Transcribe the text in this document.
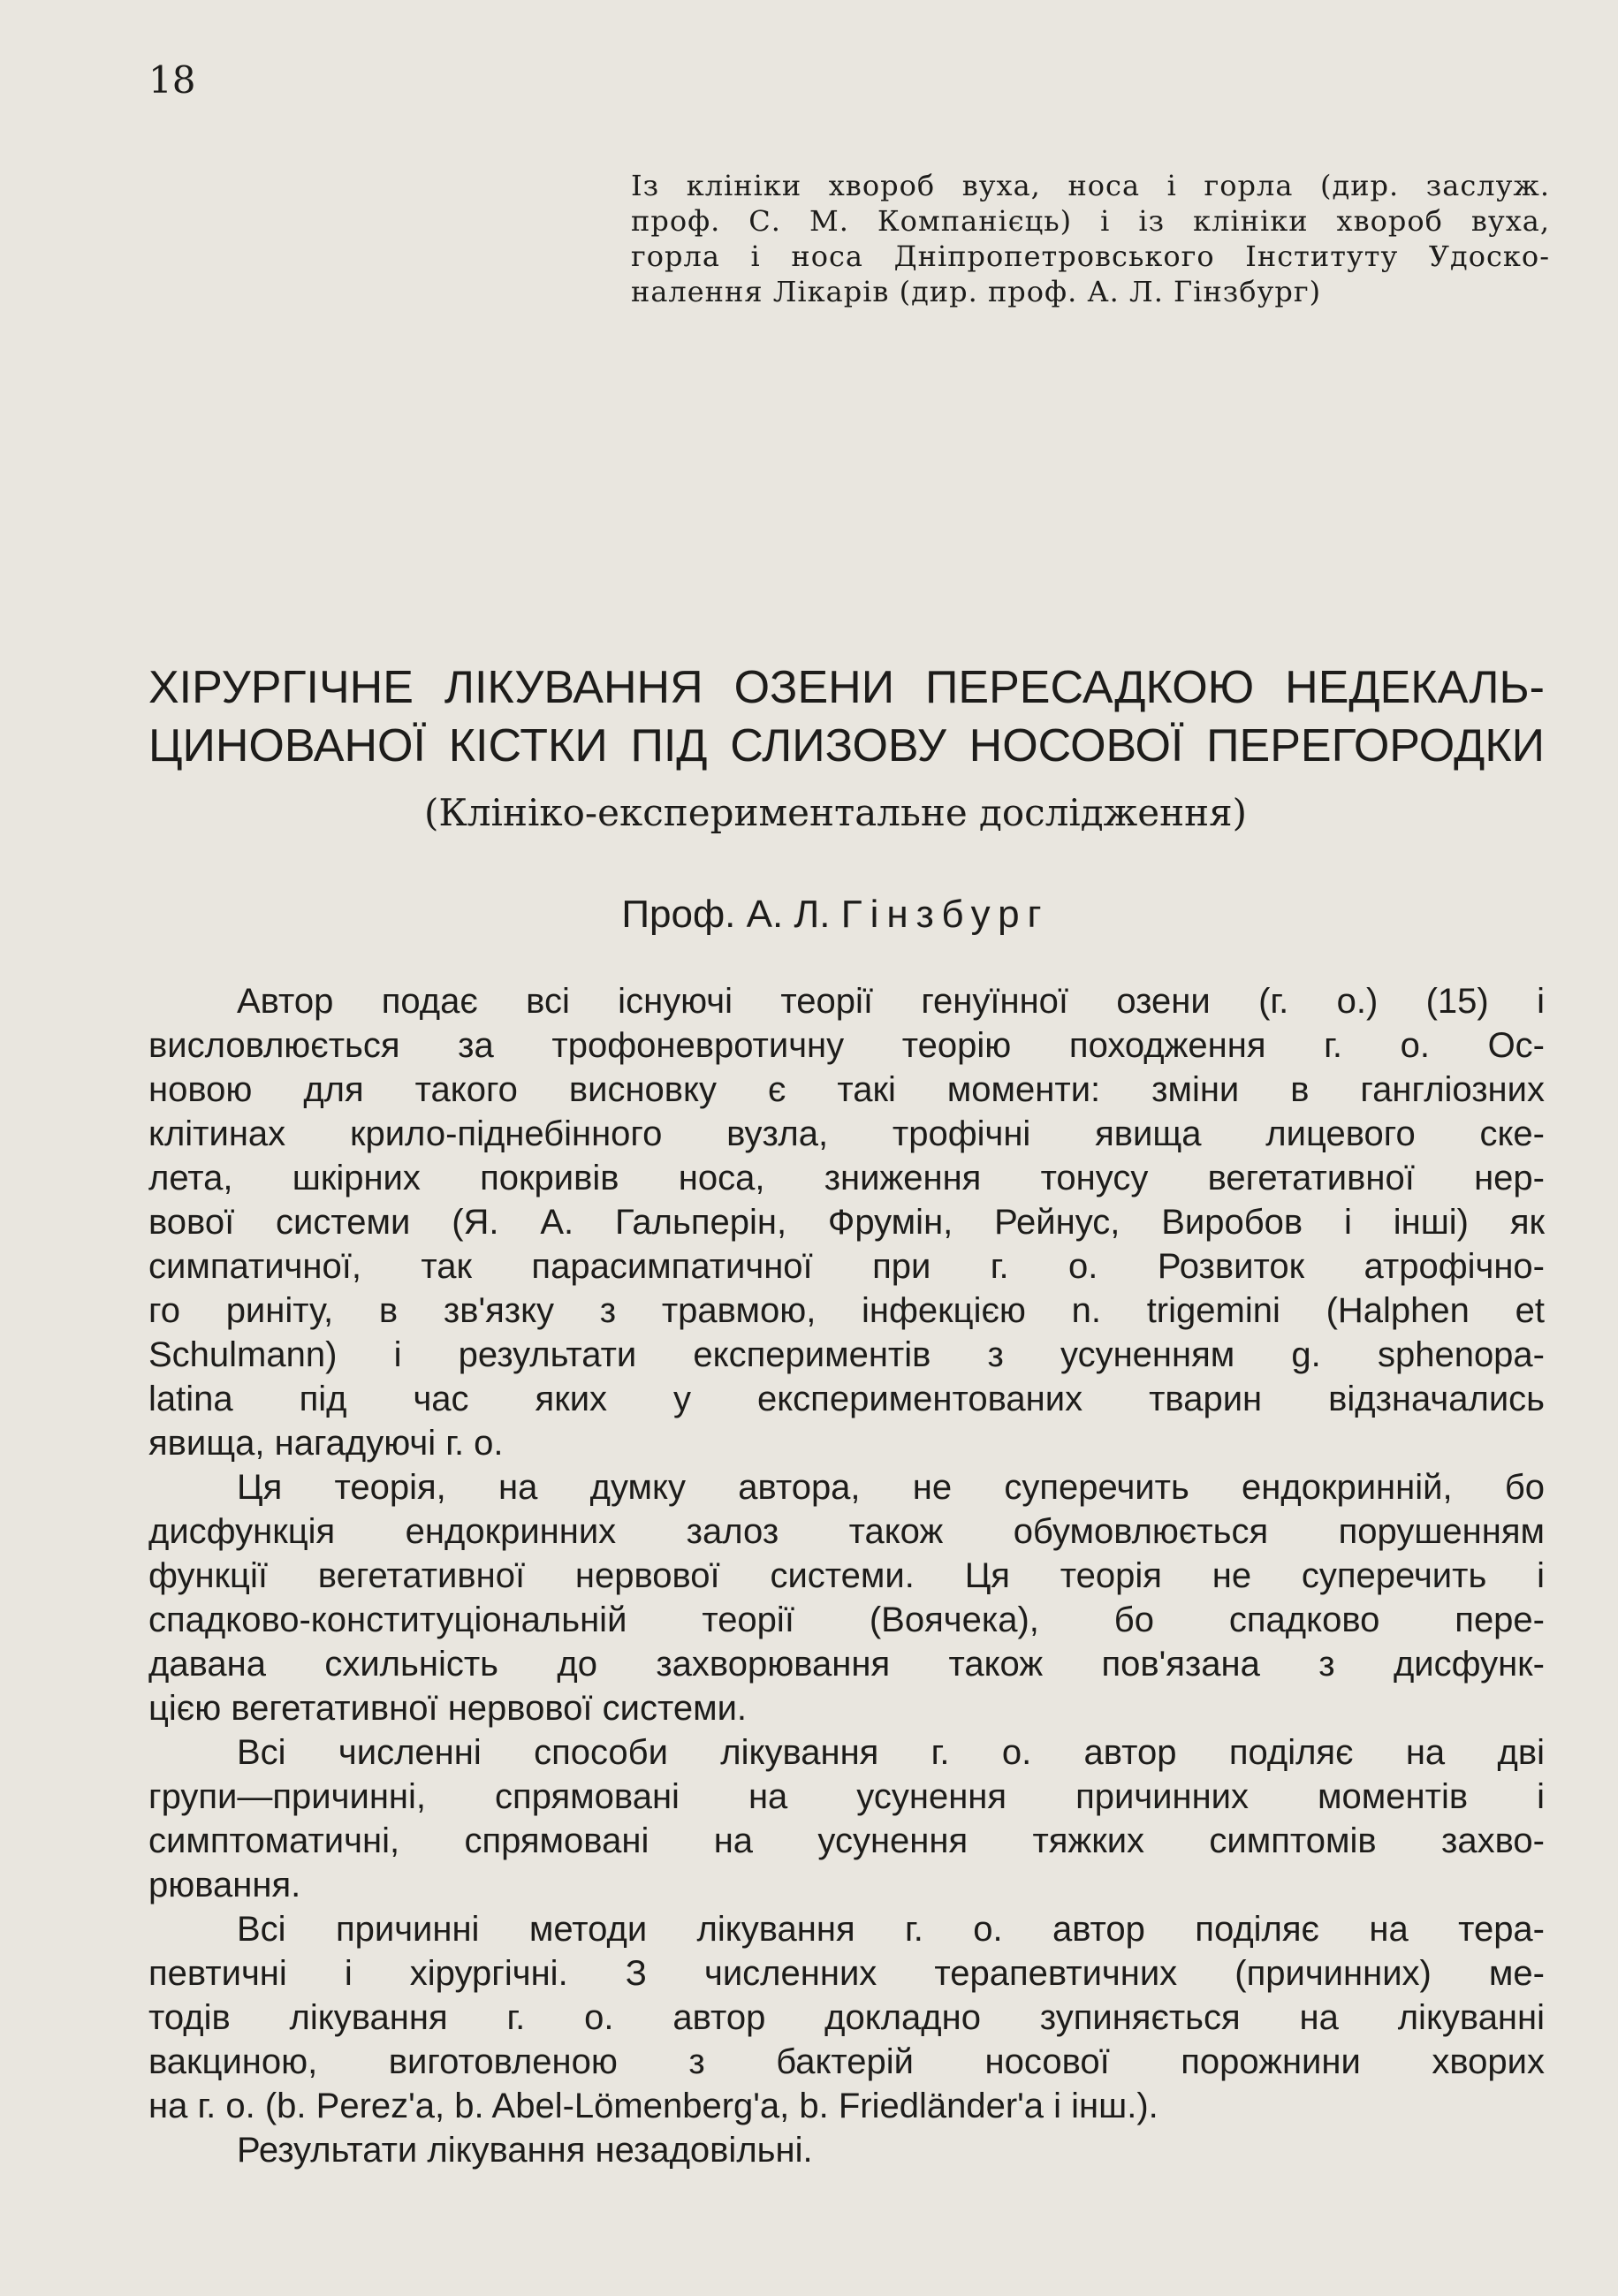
18
Із клініки хвороб вуха, носа і горла (дир. заслуж.
проф. С. М. Компанієць) і із клініки хвороб вуха,
горла і носа Дніпропетровського Інституту Удоско-
налення Лікарів (дир. проф. А. Л. Гінзбург)
ХІРУРГІЧНЕ ЛІКУВАННЯ ОЗЕНИ ПЕРЕСАДКОЮ НЕДЕКАЛЬ-
ЦИНОВАНОЇ КІСТКИ ПІД СЛИЗОВУ НОСОВОЇ ПЕРЕГОРОДКИ
(Клініко-експериментальне дослідження)
Проф. А. Л. Гінзбург
Автор подає всі існуючі теорії генуїнної озени (г. о.) (15) і
висловлюється за трофоневротичну теорію походження г. о. Ос-
новою для такого висновку є такі моменти: зміни в гангліозних
клітинах крило-піднебінного вузла, трофічні явища лицевого ске-
лета, шкірних покривів носа, зниження тонусу вегетативної нер-
вової системи (Я. А. Гальперін, Фрумін, Рейнус, Виробов і інші) як
симпатичної, так парасимпатичної при г. о. Розвиток атрофічно-
го риніту, в зв'язку з травмою, інфекцією n. trigemini (Halphen et
Schulmann) і результати експериментів з усуненням g. sphenopa-
latina під час яких у експериментованих тварин відзначались
явища, нагадуючі г. о.
Ця теорія, на думку автора, не суперечить ендокринній, бо
дисфункція ендокринних залоз також обумовлюється порушенням
функції вегетативної нервової системи. Ця теорія не суперечить і
спадково-конституціональній теорії (Воячека), бо спадково пере-
давана схильність до захворювання також пов'язана з дисфунк-
цією вегетативної нервової системи.
Всі численні способи лікування г. о. автор поділяє на дві
групи—причинні, спрямовані на усунення причинних моментів і
симптоматичні, спрямовані на усунення тяжких симптомів захво-
рювання.
Всі причинні методи лікування г. о. автор поділяє на тера-
певтичні і хірургічні. З численних терапевтичних (причинних) ме-
тодів лікування г. о. автор докладно зупиняється на лікуванні
вакциною, виготовленою з бактерій носової порожнини хворих
на г. о. (b. Perez'a, b. Abel-Lömenberg'a, b. Friedländer'a і інш.).
Результати лікування незадовільні.
